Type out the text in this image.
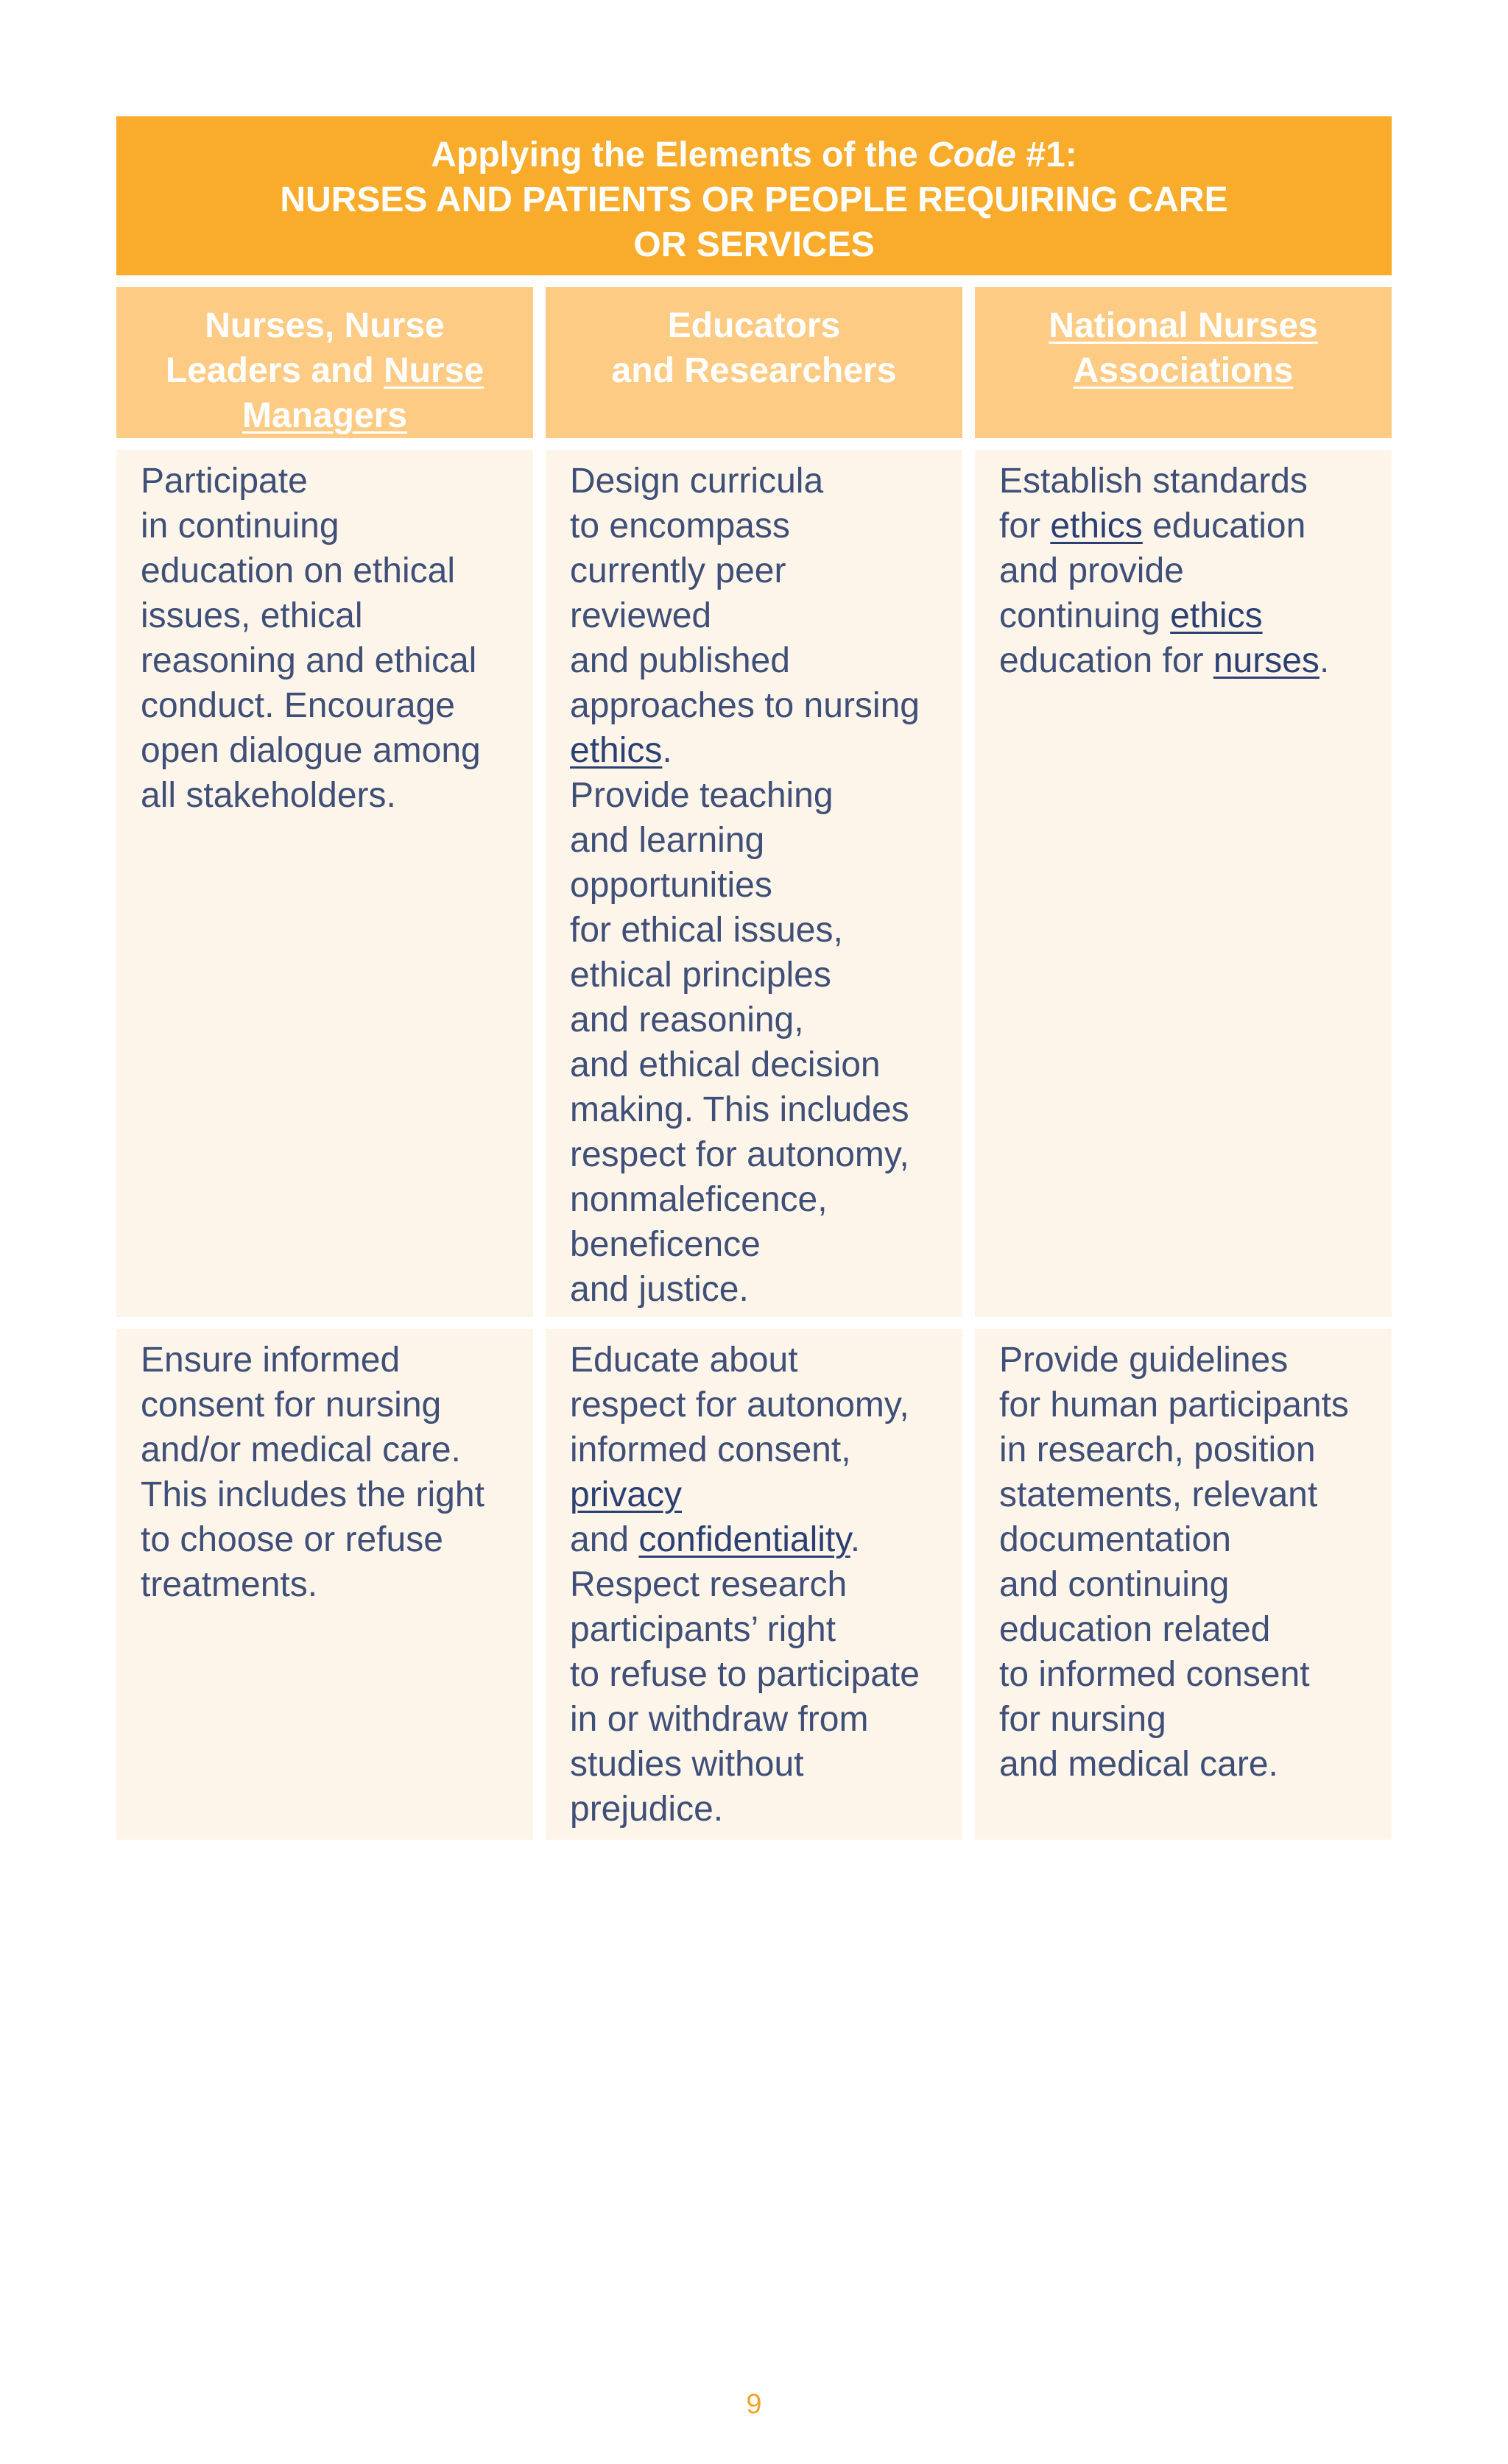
Applying the Elements of the Code #1:
NURSES AND PATIENTS OR PEOPLE REQUIRING CARE
OR SERVICES
Nurses, Nurse
Leaders and Nurse
Managers
Educators
and Researchers
National Nurses
Associations
Participate
in continuing
education on ethical
issues, ethical
reasoning and ethical
conduct. Encourage
open dialogue among
all stakeholders.
Design curricula
to encompass
currently peer
reviewed
and published
approaches to nursing
ethics.
Provide teaching
and learning
opportunities
for ethical issues,
ethical principles
and reasoning,
and ethical decision
making. This includes
respect for autonomy,
nonmaleficence,
beneficence
and justice.
Establish standards
for ethics education
and provide
continuing ethics
education for nurses.
Ensure informed
consent for nursing
and/or medical care.
This includes the right
to choose or refuse
treatments.
Educate about
respect for autonomy,
informed consent,
privacy
and confidentiality.
Respect research
participants’ right
to refuse to participate
in or withdraw from
studies without
prejudice.
Provide guidelines
for human participants
in research, position
statements, relevant
documentation
and continuing
education related
to informed consent
for nursing
and medical care.
9
